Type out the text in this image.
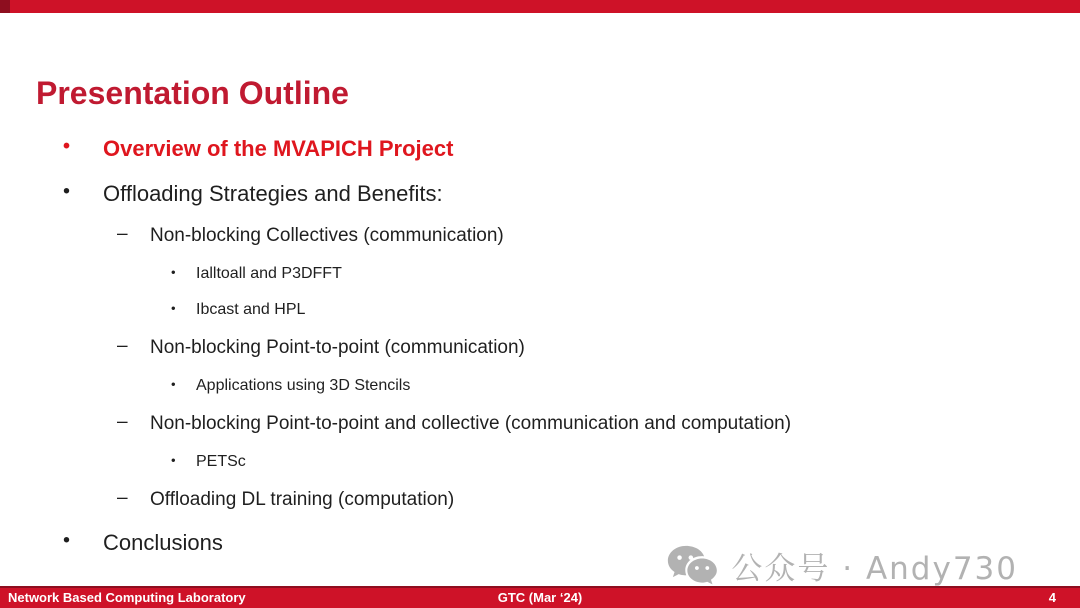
Presentation Outline
• Overview of the MVAPICH Project
• Offloading Strategies and Benefits:
– Non-blocking Collectives (communication)
• Ialltoall and P3DFFT
• Ibcast and HPL
– Non-blocking Point-to-point (communication)
• Applications using 3D Stencils
– Non-blocking Point-to-point and collective (communication and computation)
• PETSc
– Offloading DL training (computation)
• Conclusions
公众号 · Andy730
Network Based Computing Laboratory	GTC (Mar ‘24)	4
